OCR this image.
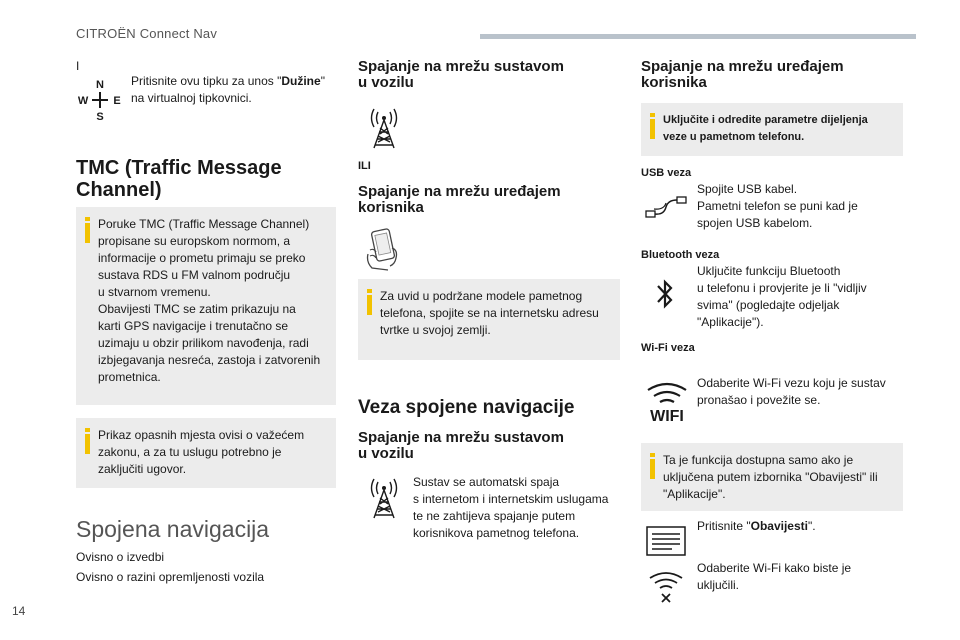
CITROËN Connect Nav
14
I
N
W E
S
Pritisnite ovu tipku za unos "Dužine"
na virtualnoj tipkovnici.
TMC (Traffic Message
Channel)
Poruke TMC (Traffic Message Channel)
propisane su europskom normom, a
informacije o prometu primaju se preko
sustava RDS u FM valnom području
u stvarnom vremenu.
Obavijesti TMC se zatim prikazuju na
karti GPS navigacije i trenutačno se
uzimaju u obzir prilikom navođenja, radi
izbjegavanja nesreća, zastoja i zatvorenih
prometnica.
Prikaz opasnih mjesta ovisi o važećem
zakonu, a za tu uslugu potrebno je
zaključiti ugovor.
Spojena navigacija
Ovisno o izvedbi
Ovisno o razini opremljenosti vozila
Spajanje na mrežu sustavom
u vozilu
ILI
Spajanje na mrežu uređajem
korisnika
Za uvid u podržane modele pametnog
telefona, spojite se na internetsku adresu
tvrtke u svojoj zemlji.
Veza spojene navigacije
Spajanje na mrežu sustavom
u vozilu
Sustav se automatski spaja
s internetom i internetskim uslugama
te ne zahtijeva spajanje putem
korisnikova pametnog telefona.
Spajanje na mrežu uređajem
korisnika
Uključite i odredite parametre dijeljenja
veze u pametnom telefonu.
USB veza
Spojite USB kabel.
Pametni telefon se puni kad je
spojen USB kabelom.
Bluetooth veza
Uključite funkciju Bluetooth
u telefonu i provjerite je li "vidljiv
svima" (pogledajte odjeljak
"Aplikacije").
Wi-Fi veza
WIFI
Odaberite Wi-Fi vezu koju je sustav
pronašao i povežite se.
Ta je funkcija dostupna samo ako je
uključena putem izbornika "Obavijesti" ili
"Aplikacije".
Pritisnite "Obavijesti".
Odaberite Wi-Fi kako biste je
uključili.
